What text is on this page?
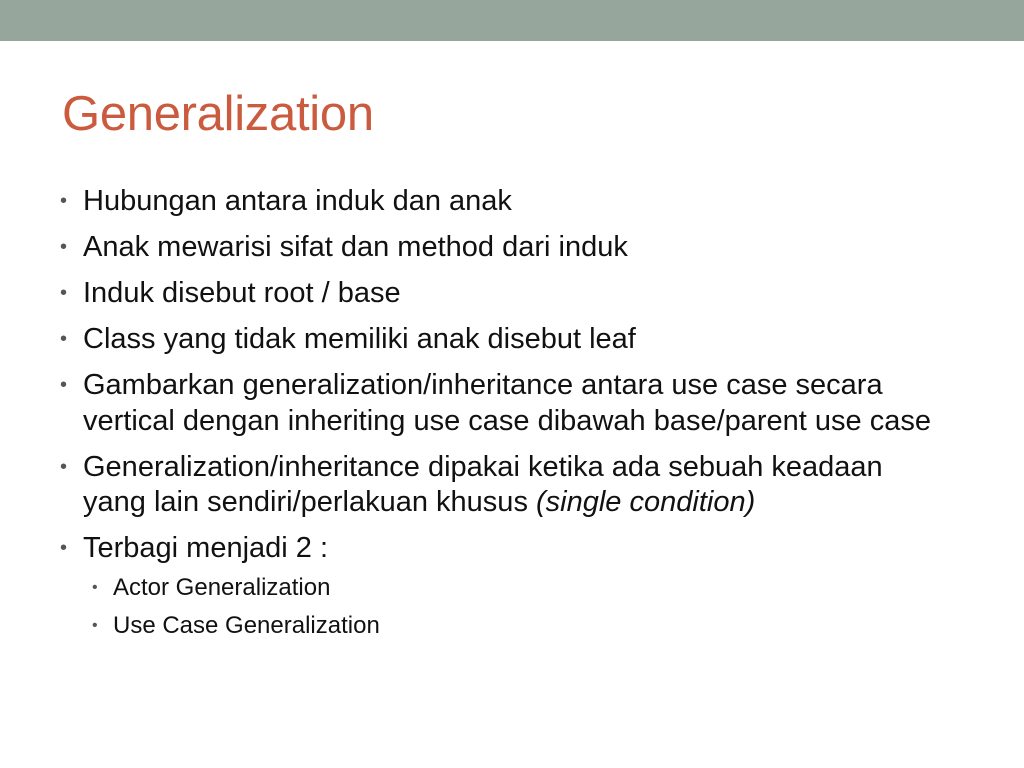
Generalization
• Hubungan antara induk dan anak
• Anak mewarisi sifat dan method dari induk
• Induk disebut root / base
• Class yang tidak memiliki anak disebut leaf
• Gambarkan generalization/inheritance antara use case secara vertical dengan inheriting use case dibawah base/parent use case
• Generalization/inheritance dipakai ketika ada sebuah keadaan yang lain sendiri/perlakuan khusus (single condition)
• Terbagi menjadi 2 :
• Actor Generalization
• Use Case Generalization
